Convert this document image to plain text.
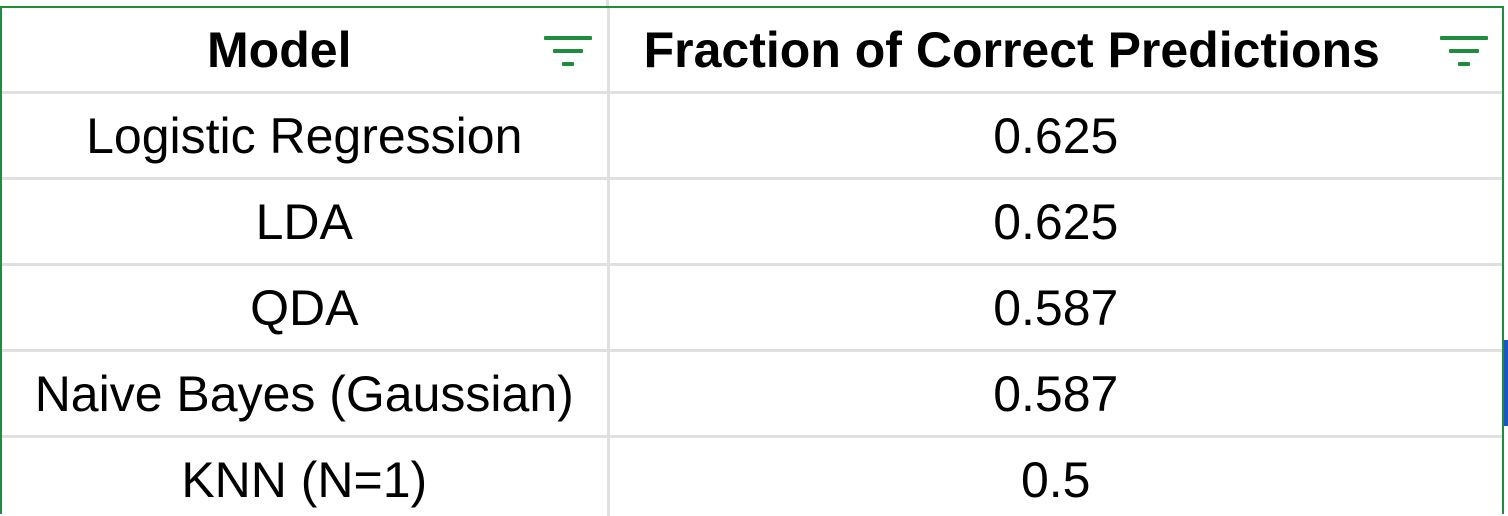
Model	Fraction of Correct Predictions

Logistic Regression	0.625
LDA	0.625
QDA	0.587
Naive Bayes (Gaussian)	0.587
KNN (N=1)	0.5
